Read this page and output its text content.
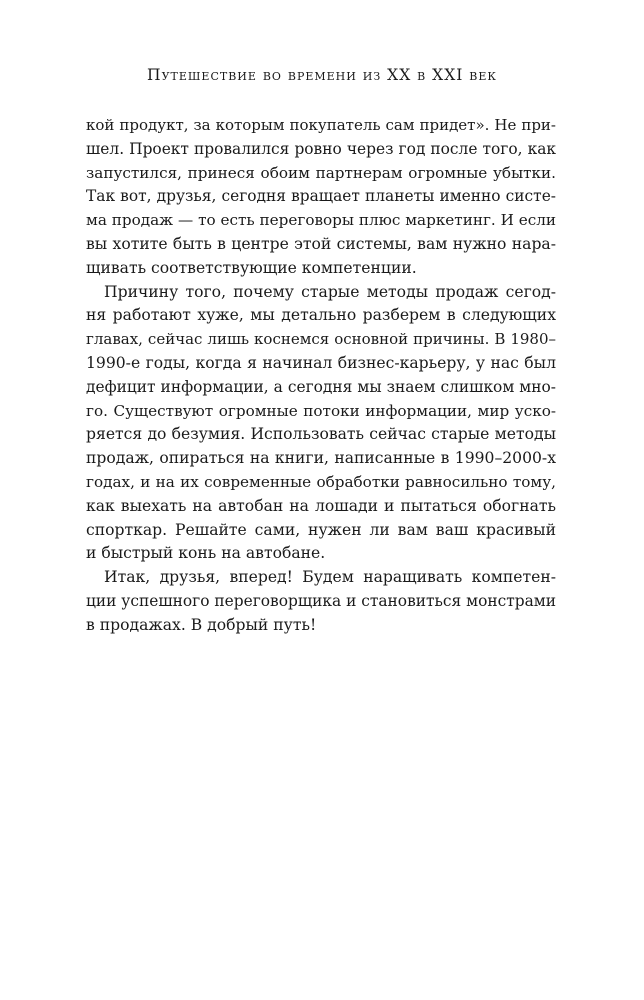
Путешествие во времени из XX в XXI век
кой продукт, за которым покупатель сам придет». Не при-
шел. Проект провалился ровно через год после того, как
запустился, принеся обоим партнерам огромные убытки.
Так вот, друзья, сегодня вращает планеты именно систе-
ма продаж — то есть переговоры плюс маркетинг. И если
вы хотите быть в центре этой системы, вам нужно нара-
щивать соответствующие компетенции.
Причину того, почему старые методы продаж сегод-
ня работают хуже, мы детально разберем в следующих
главах, сейчас лишь коснемся основной причины. В 1980–
1990-е годы, когда я начинал бизнес-карьеру, у нас был
дефицит информации, а сегодня мы знаем слишком мно-
го. Существуют огромные потоки информации, мир уско-
ряется до безумия. Использовать сейчас старые методы
продаж, опираться на книги, написанные в 1990–2000-х
годах, и на их современные обработки равносильно тому,
как выехать на автобан на лошади и пытаться обогнать
спорткар. Решайте сами, нужен ли вам ваш красивый
и быстрый конь на автобане.
Итак, друзья, вперед! Будем наращивать компетен-
ции успешного переговорщика и становиться монстрами
в продажах. В добрый путь!
